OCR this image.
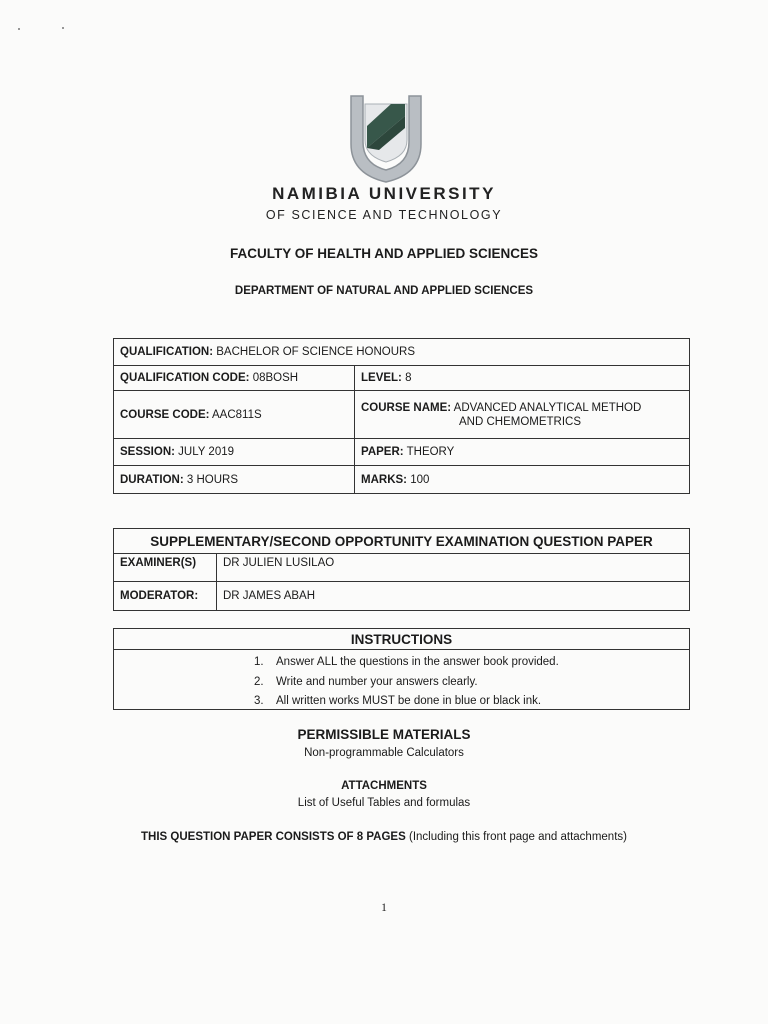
NAMIBIA UNIVERSITY
OF SCIENCE AND TECHNOLOGY
FACULTY OF HEALTH AND APPLIED SCIENCES
DEPARTMENT OF NATURAL AND APPLIED SCIENCES
QUALIFICATION: BACHELOR OF SCIENCE HONOURS	
QUALIFICATION CODE: 08BOSH	LEVEL: 8
COURSE CODE: AAC811S	COURSE NAME: ADVANCED ANALYTICAL METHOD
AND CHEMOMETRICS

SESSION: JULY 2019	PAPER: THEORY
DURATION: 3 HOURS	MARKS: 100
SUPPLEMENTARY/SECOND OPPORTUNITY EXAMINATION QUESTION PAPER	
EXAMINER(S)	DR JULIEN LUSILAO
MODERATOR:	DR JAMES ABAH
INSTRUCTIONS
1. Answer ALL the questions in the answer book provided.
2. Write and number your answers clearly.
3. All written works MUST be done in blue or black ink.
PERMISSIBLE MATERIALS
Non-programmable Calculators
ATTACHMENTS
List of Useful Tables and formulas
THIS QUESTION PAPER CONSISTS OF 8 PAGES (Including this front page and attachments)
1
